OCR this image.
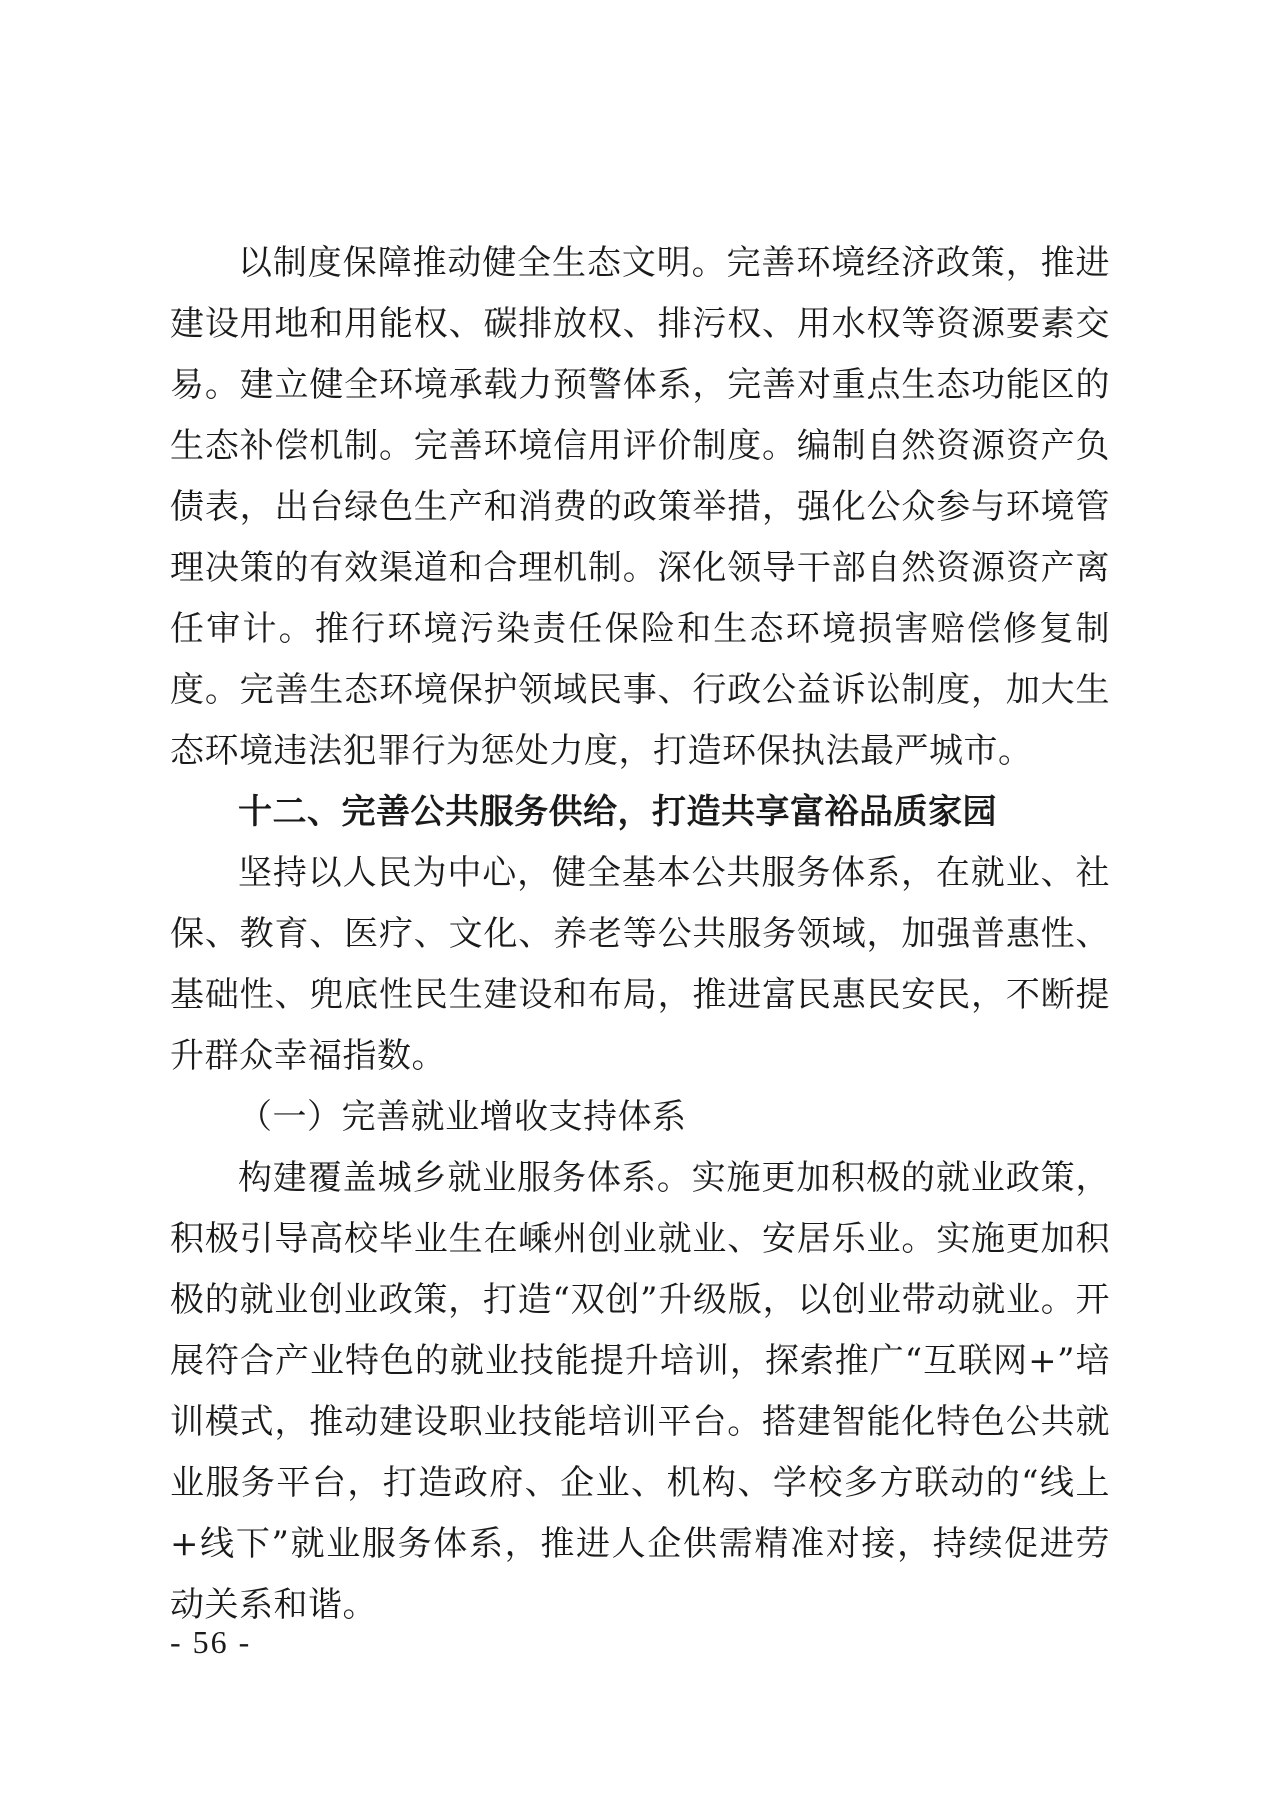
以制度保障推动健全生态文明。完善环境经济政策，推进建设用地和用能权、碳排放权、排污权、用水权等资源要素交易。建立健全环境承载力预警体系，完善对重点生态功能区的生态补偿机制。完善环境信用评价制度。编制自然资源资产负债表，出台绿色生产和消费的政策举措，强化公众参与环境管理决策的有效渠道和合理机制。深化领导干部自然资源资产离任审计。推行环境污染责任保险和生态环境损害赔偿修复制度。完善生态环境保护领域民事、行政公益诉讼制度，加大生态环境违法犯罪行为惩处力度，打造环保执法最严城市。

十二、完善公共服务供给，打造共享富裕品质家园

坚持以人民为中心，健全基本公共服务体系，在就业、社保、教育、医疗、文化、养老等公共服务领域，加强普惠性、基础性、兜底性民生建设和布局，推进富民惠民安民，不断提升群众幸福指数。

（一）完善就业增收支持体系

构建覆盖城乡就业服务体系。实施更加积极的就业政策，积极引导高校毕业生在嵊州创业就业、安居乐业。实施更加积极的就业创业政策，打造“双创”升级版，以创业带动就业。开展符合产业特色的就业技能提升培训，探索推广“互联网+”培训模式，推动建设职业技能培训平台。搭建智能化特色公共就业服务平台，打造政府、企业、机构、学校多方联动的“线上+线下”就业服务体系，推进人企供需精准对接，持续促进劳动关系和谐。

- 56 -
